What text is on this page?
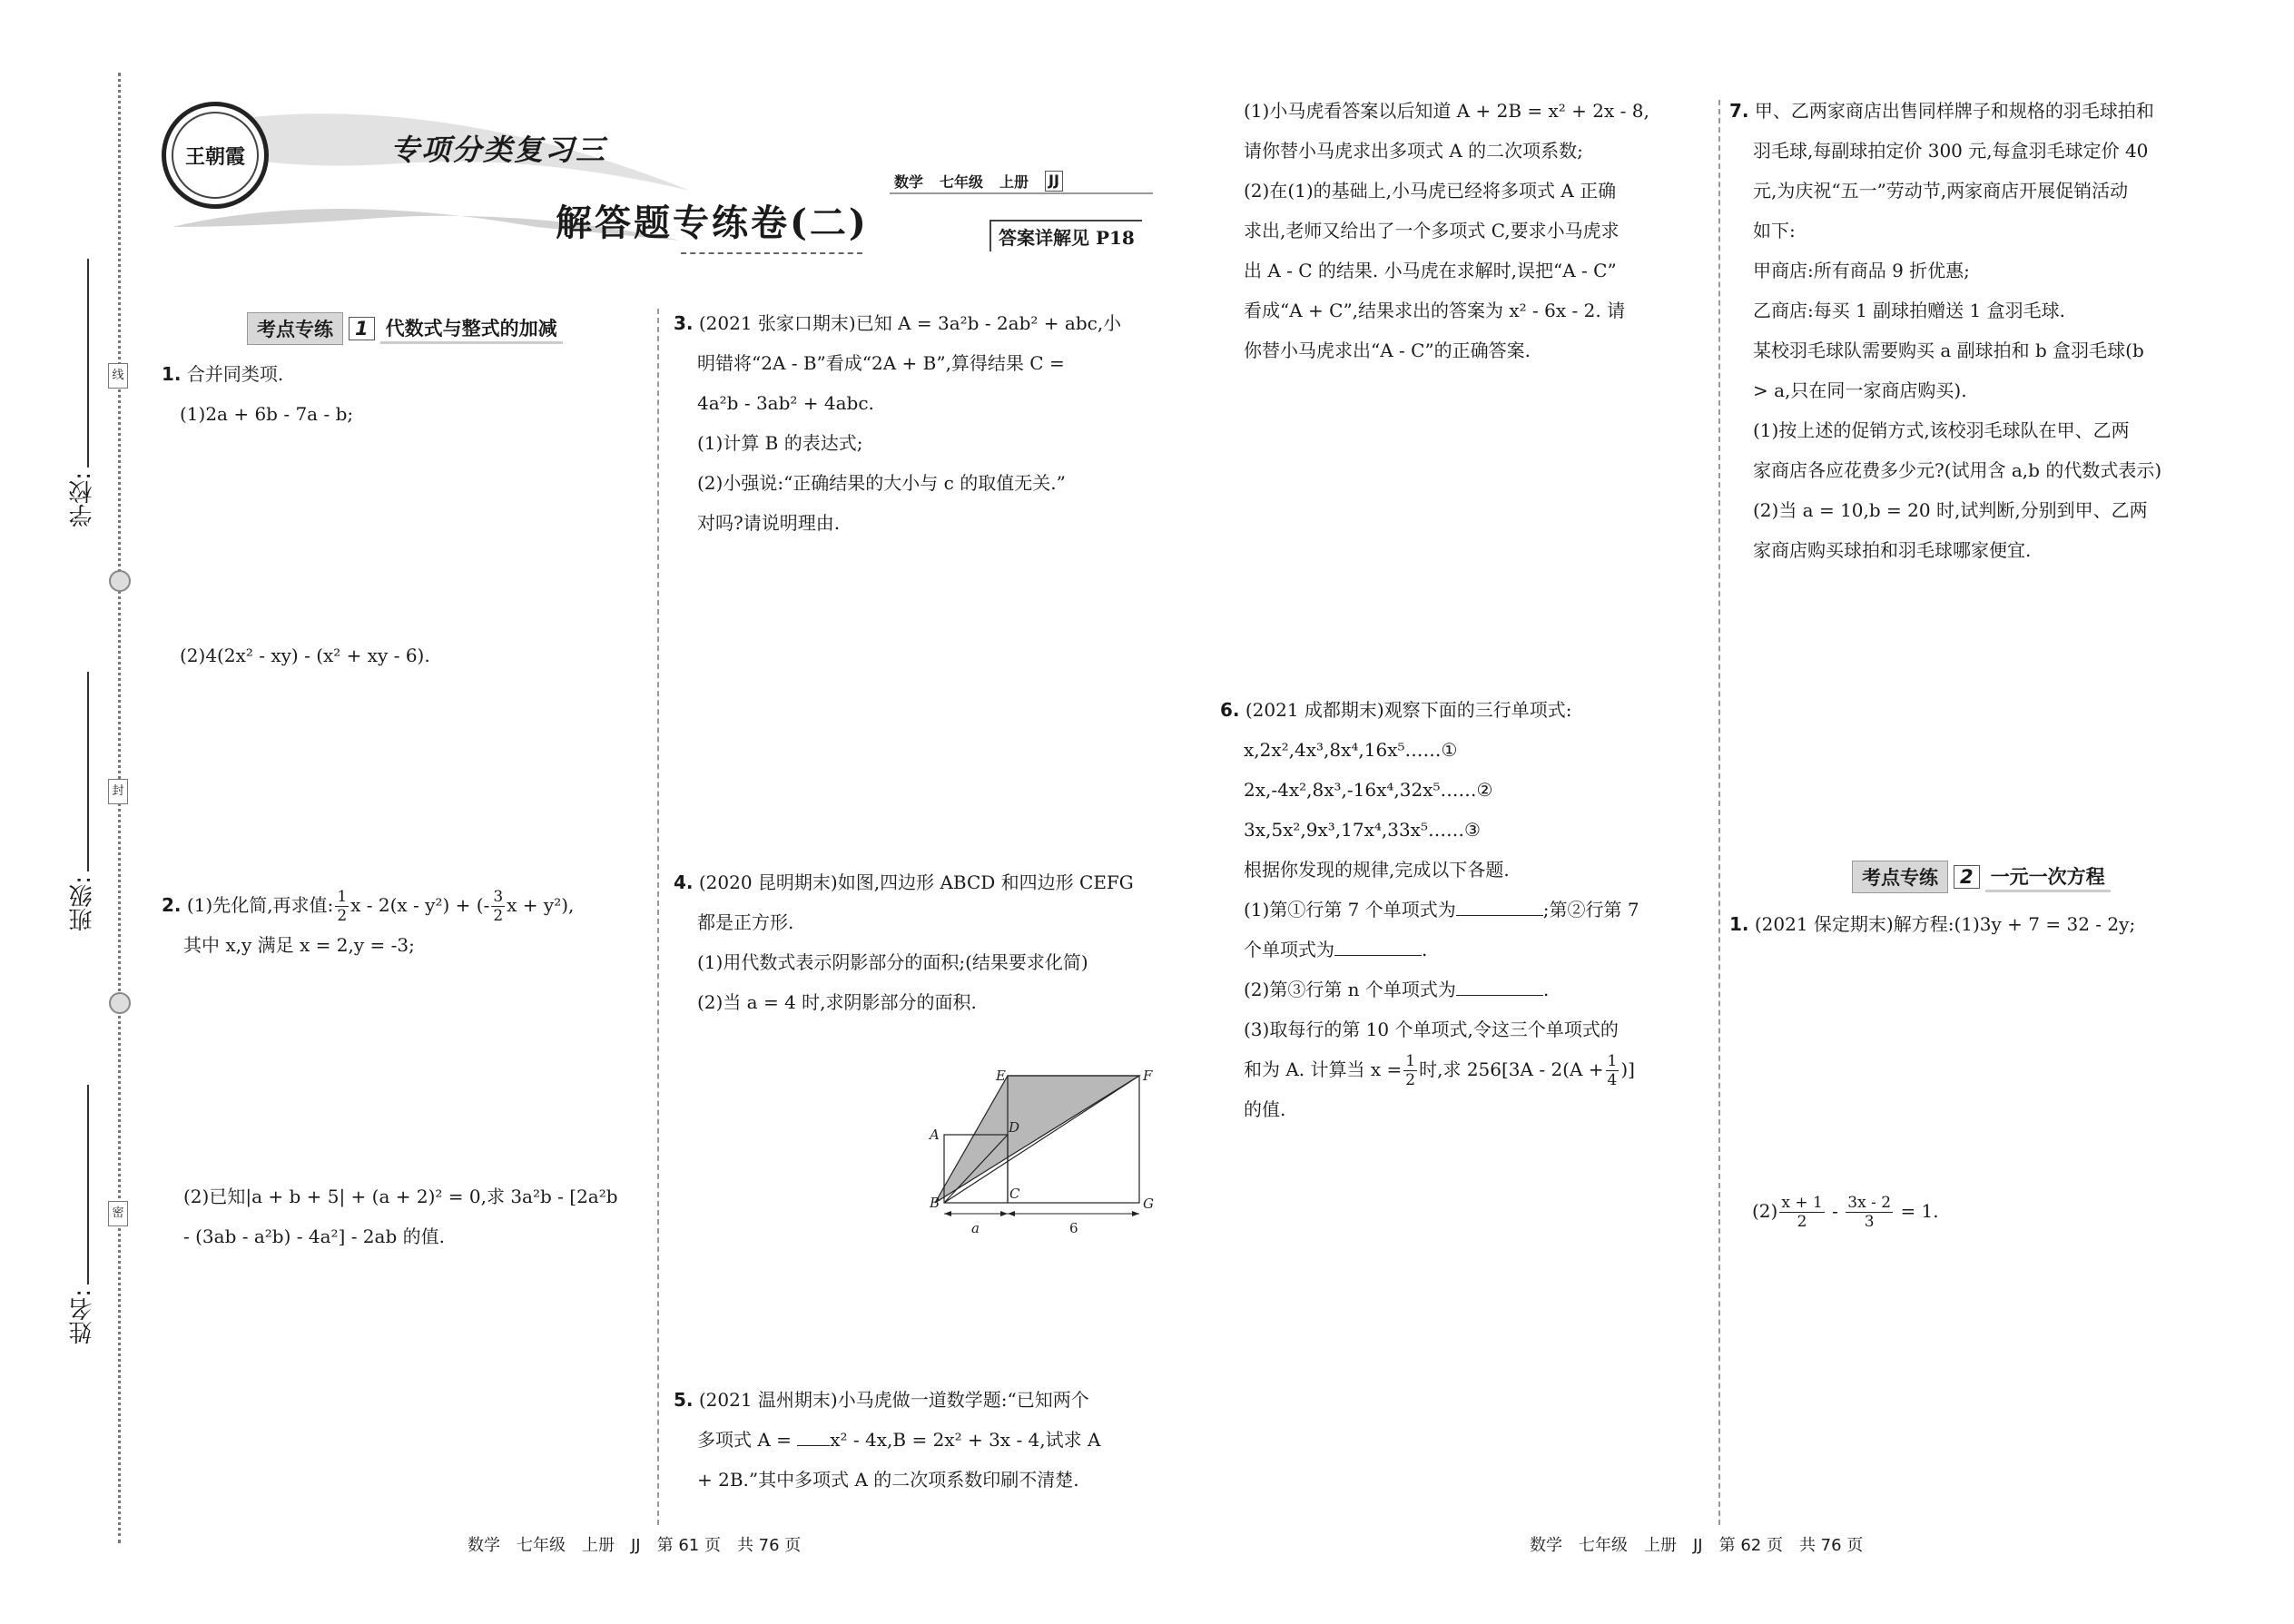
学校:
班级:
姓名:
线
封
密
王朝霞	专项分类复习三
解答题专练卷(二)
数学 七年级 上册 JJ
答案详解见 P18
考点专练	1 代数式与整式的加减
1. 合并同类项.
(1)2a + 6b - 7a - b;
(2)4(2x² - xy) - (x² + xy - 6).
2. (1)先化简,再求值: $\frac{1}{2}$ x - 2(x - y²) + (- $\frac{3}{2}$ x + y²),
其中 x,y 满足 x = 2,y = -3;
(2)已知|a + b + 5| + (a + 2)² = 0,求 3a²b - [2a²b
- (3ab - a²b) - 4a²] - 2ab 的值.
3. (2021 张家口期末)已知 A = 3a²b - 2ab² + abc,小
明错将“2A - B”看成“2A + B”,算得结果 C =
4a²b - 3ab² + 4abc.
(1)计算 B 的表达式;
(2)小强说:“正确结果的大小与 c 的取值无关.”
对吗?请说明理由.
4. (2020 昆明期末)如图,四边形 ABCD 和四边形 CEFG
都是正方形.
(1)用代数式表示阴影部分的面积;(结果要求化简)
(2)当 a = 4 时,求阴影部分的面积.
A
B
C
D
E	F
G
a	6
5. (2021 温州期末)小马虎做一道数学题:“已知两个
多项式 A = x² - 4x,B = 2x² + 3x - 4,试求 A
+ 2B.”其中多项式 A 的二次项系数印刷不清楚.
(1)小马虎看答案以后知道 A + 2B = x² + 2x - 8,
请你替小马虎求出多项式 A 的二次项系数;
(2)在(1)的基础上,小马虎已经将多项式 A 正确
求出,老师又给出了一个多项式 C,要求小马虎求
出 A - C 的结果. 小马虎在求解时,误把“A - C”
看成“A + C”,结果求出的答案为 x² - 6x - 2. 请
你替小马虎求出“A - C”的正确答案.
6. (2021 成都期末)观察下面的三行单项式:
x,2x²,4x³,8x⁴,16x⁵……①
2x,-4x²,8x³,-16x⁴,32x⁵……②
3x,5x²,9x³,17x⁴,33x⁵……③
根据你发现的规律,完成以下各题.
(1)第①行第 7 个单项式为	;第②行第 7
个单项式为	.
(2)第③行第 n 个单项式为	.
(3)取每行的第 10 个单项式,令这三个单项式的
和为 A. 计算当 $x = \frac{1}{2}$ 时,求 $256[3A - 2(A + \frac{1}{4}$ )]
的值.
7. 甲、乙两家商店出售同样牌子和规格的羽毛球拍和
羽毛球,每副球拍定价 300 元,每盒羽毛球定价 40
元,为庆祝“五一”劳动节,两家商店开展促销活动
如下:
甲商店:所有商品 9 折优惠;
乙商店:每买 1 副球拍赠送 1 盒羽毛球.
某校羽毛球队需要购买 a 副球拍和 b 盒羽毛球(b
> a,只在同一家商店购买).
(1)按上述的促销方式,该校羽毛球队在甲、乙两
家商店各应花费多少元?(试用含 a,b 的代数式表示)
(2)当 a = 10,b = 20 时,试判断,分别到甲、乙两
家商店购买球拍和羽毛球哪家便宜.
考点专练	2 一元一次方程
1. (2021 保定期末)解方程:(1)3y + 7 = 32 - 2y;
$(2) \frac{x + 1}{2} - \frac{3x - 2}{3} = 1$.
数学　七年级　上册　JJ　第 61 页　共 76 页	数学　七年级　上册　JJ　第 62 页　共 76 页
